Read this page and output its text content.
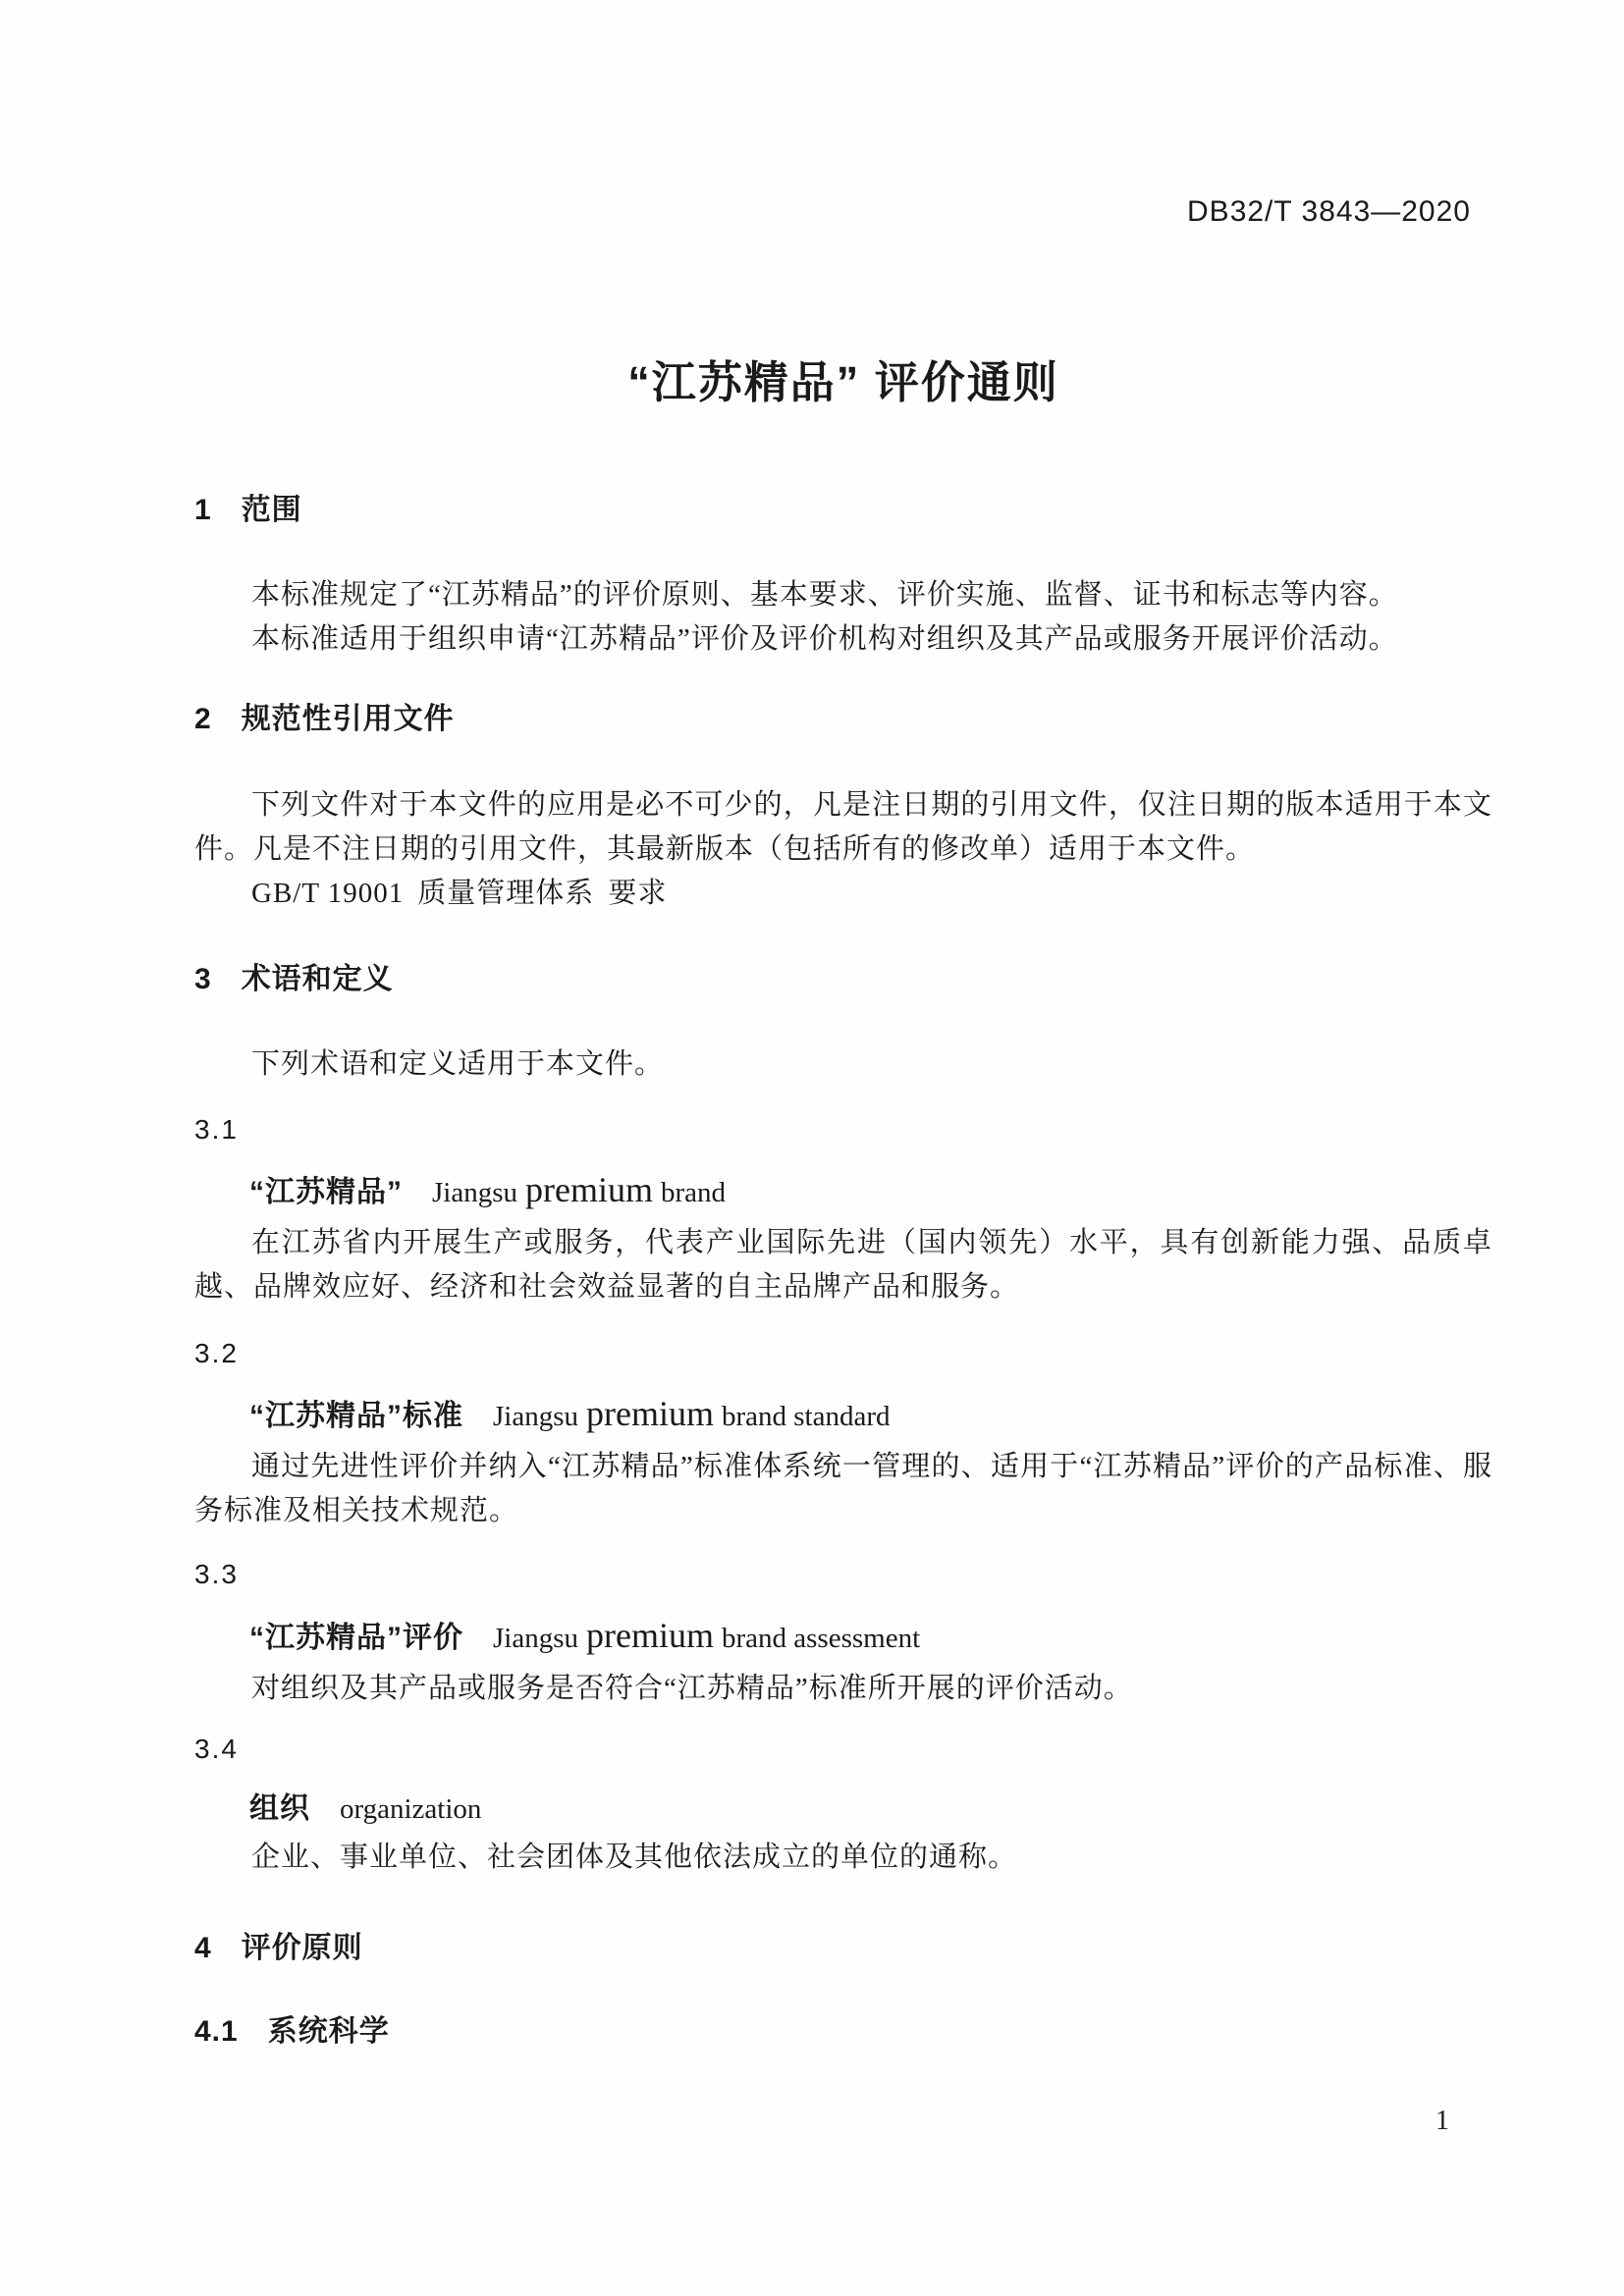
DB32/T 3843—2020
“江苏精品” 评价通则
1 范围

本标准规定了“江苏精品”的评价原则、基本要求、评价实施、监督、证书和标志等内容。

本标准适用于组织申请“江苏精品”评价及评价机构对组织及其产品或服务开展评价活动。

2 规范性引用文件

下列文件对于本文件的应用是必不可少的，凡是注日期的引用文件，仅注日期的版本适用于本文件。凡是不注日期的引用文件，其最新版本（包括所有的修改单）适用于本文件。

GB/T 19001 质量管理体系 要求

3 术语和定义

下列术语和定义适用于本文件。

3.1
“江苏精品” Jiangsu premium brand

在江苏省内开展生产或服务，代表产业国际先进（国内领先）水平，具有创新能力强、品质卓越、品牌效应好、经济和社会效益显著的自主品牌产品和服务。

3.2
“江苏精品”标准 Jiangsu premium brand standard

通过先进性评价并纳入“江苏精品”标准体系统一管理的、适用于“江苏精品”评价的产品标准、服务标准及相关技术规范。

3.3
“江苏精品”评价 Jiangsu premium brand assessment

对组织及其产品或服务是否符合“江苏精品”标准所开展的评价活动。

3.4
组织 organization

企业、事业单位、社会团体及其他依法成立的单位的通称。

4 评价原则
4.1 系统科学
1
